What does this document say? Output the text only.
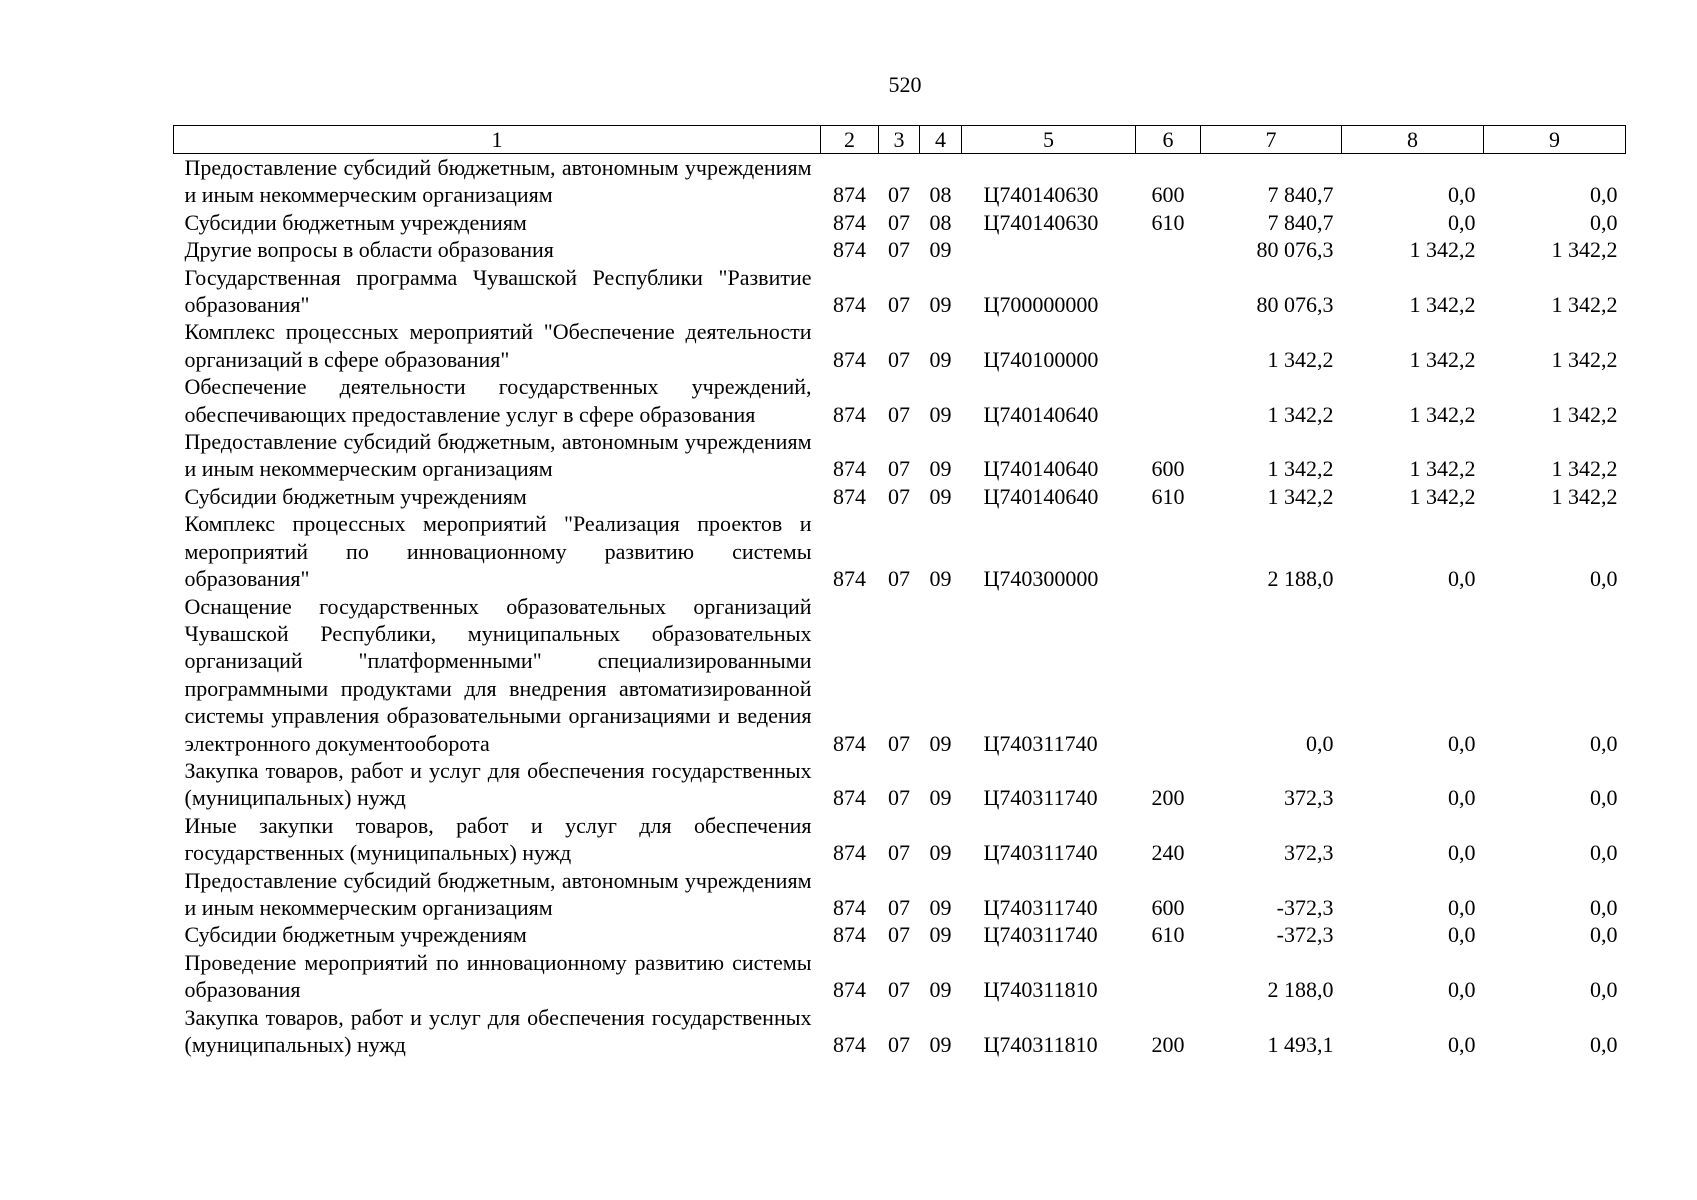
520
1	2	3	4	5	6	7	8	9
Предоставление субсидий бюджетным, автономным учреждениям и иным некоммерческим организациям	874	07	08	Ц740140630	600	7 840,7	0,0	0,0
Субсидии бюджетным учреждениям	874	07	08	Ц740140630	610	7 840,7	0,0	0,0
Другие вопросы в области образования	874	07	09			80 076,3	1 342,2	1 342,2
Государственная программа Чувашской Республики "Развитие образования"	874	07	09	Ц700000000		80 076,3	1 342,2	1 342,2
Комплекс процессных мероприятий "Обеспечение деятельности организаций в сфере образования"	874	07	09	Ц740100000		1 342,2	1 342,2	1 342,2
Обеспечение деятельности государственных учреждений, обеспечивающих предоставление услуг в сфере образования	874	07	09	Ц740140640		1 342,2	1 342,2	1 342,2
Предоставление субсидий бюджетным, автономным учреждениям и иным некоммерческим организациям	874	07	09	Ц740140640	600	1 342,2	1 342,2	1 342,2
Субсидии бюджетным учреждениям	874	07	09	Ц740140640	610	1 342,2	1 342,2	1 342,2
Комплекс процессных мероприятий "Реализация проектов и мероприятий по инновационному развитию системы образования"	874	07	09	Ц740300000		2 188,0	0,0	0,0
Оснащение государственных образовательных организаций Чувашской Республики, муниципальных образовательных организаций "платформенными" специализированными программными продуктами для внедрения автоматизированной системы управления образовательными организациями и ведения электронного документооборота	874	07	09	Ц740311740		0,0	0,0	0,0
Закупка товаров, работ и услуг для обеспечения государственных (муниципальных) нужд	874	07	09	Ц740311740	200	372,3	0,0	0,0
Иные закупки товаров, работ и услуг для обеспечения государственных (муниципальных) нужд	874	07	09	Ц740311740	240	372,3	0,0	0,0
Предоставление субсидий бюджетным, автономным учреждениям и иным некоммерческим организациям	874	07	09	Ц740311740	600	-372,3	0,0	0,0
Субсидии бюджетным учреждениям	874	07	09	Ц740311740	610	-372,3	0,0	0,0
Проведение мероприятий по инновационному развитию системы образования	874	07	09	Ц740311810		2 188,0	0,0	0,0
Закупка товаров, работ и услуг для обеспечения государственных (муниципальных) нужд	874	07	09	Ц740311810	200	1 493,1	0,0	0,0
